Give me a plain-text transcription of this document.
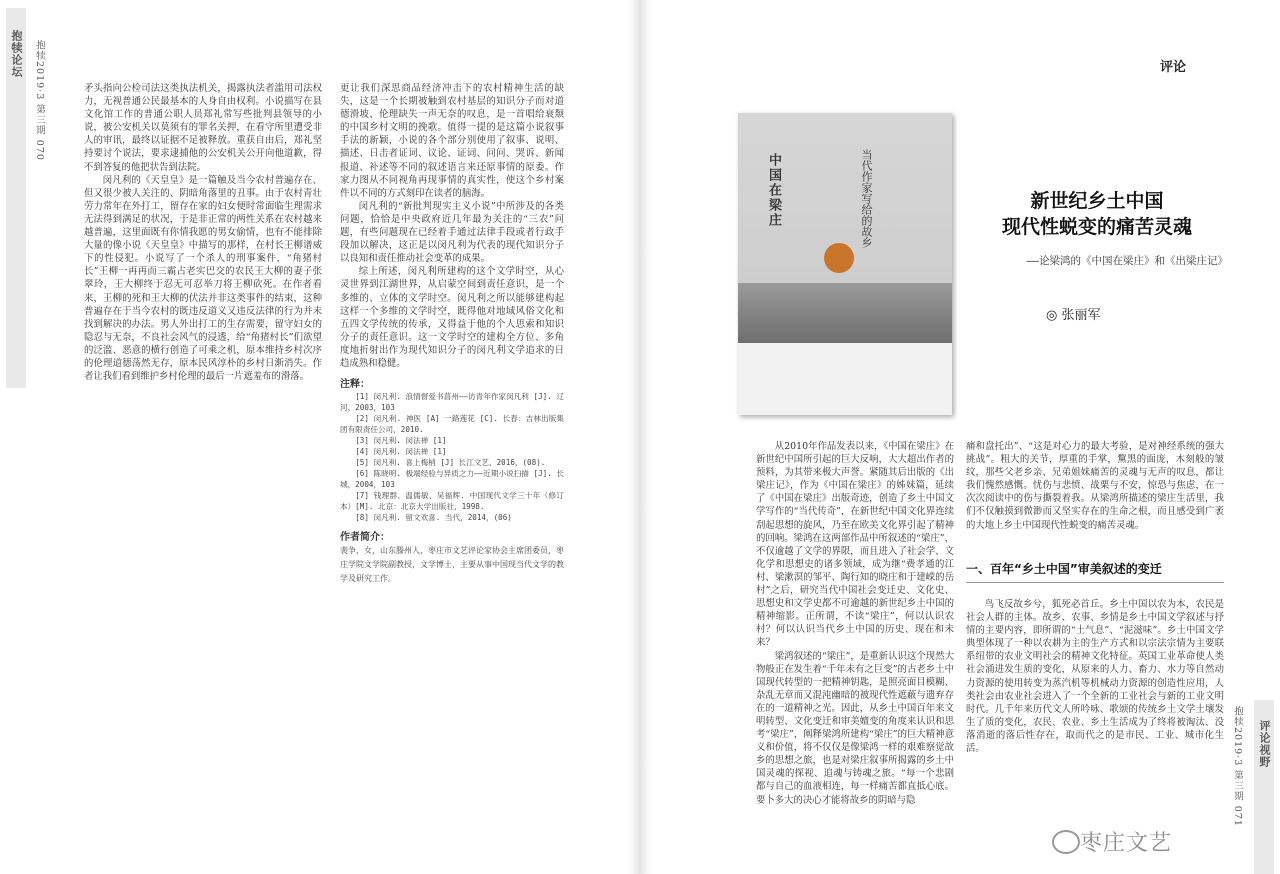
抱犊论坛 抱犊2019·3 第三期 070	矛头指向公检司法这类执法机关，揭露执法者滥用司法权力，无视普通公民最基本的人身自由权利。小说描写在县文化馆工作的普通公职人员郑礼常写些批判县领导的小说，被公安机关以莫须有的罪名关押，在看守所里遭受非人的审讯，最终以证据不足被释放。重获自由后，郑礼坚持要讨个说法，要求逮捕他的公安机关公开向他道歉，得不到答复的他把状告到法院。

闵凡利的《天皇皇》是一篇触及当今农村普遍存在、但又很少被人关注的、阴暗角落里的丑事。由于农村青壮劳力常年在外打工，留存在家的妇女便时常面临生理需求无法得到满足的状况，于是非正常的两性关系在农村越来越普遍，这里面既有你情我愿的男女偷情，也有不能排除大量的像小说《天皇皇》中描写的那样，在村长王柳谱威下的性侵犯。小说写了一个杀人的刑事案件，“角猪村长”王柳一再再而三霸占老实巴交的农民王大柳的妻子张翠玲，王大柳终于忍无可忍举刀将王柳砍死。在作者看来，王柳的死和王大柳的伏法并非这类事件的结束，这种普遍存在于当今农村的既违反道义又违反法律的行为并未找到解决的办法。男人外出打工的生存需要，留守妇女的隐忍与无奈，不良社会风气的浸透，给“角猪村长”们欲望的泛滥、恶意的横行创造了可乘之机，原本维持乡村次序的伦理道德荡然无存，原本民风淳朴的乡村日渐消失。作者让我们看到维护乡村伦理的最后一片遮羞布的滑落。

更让我们深思商品经济冲击下的农村精神生活的缺失，这是一个长期被触到农村基层的知识分子而对道德滑坡、伦理缺失一声无奈的叹息，是一首唱给衰颓的中国乡村文明的挽歌。值得一提的是这篇小说叙事手法的新颖，小说的各个部分别使用了叙事、说明、描述、日击者证词、议论、证词、问问、哭诉、新闻报道、补述等不同的叙述语言来还原事情的原委。作家力图从不同视角再现事情的真实性，使这个乡村案件以不同的方式刻印在读者的脑海。

闵凡利的“新批判现实主义小说”中所涉及的各类问题，恰恰是中央政府近几年最为关注的“三农”问题，有些问题现在已经着手通过法律手段或者行政手段加以解决，这正是以闵凡利为代表的现代知识分子以良知和责任推动社会变革的成果。

综上所述，闵凡利所建构的这个文学时空，从心灵世界到江湖世界，从启蒙空间到责任意识，是一个多维的、立体的文学时空。闵凡利之所以能够建构起这样一个多维的文学时空，既得他对地域风俗文化和五四文学传统的传承，又得益于他的个人思索和知识分子的责任意识。这一文学时空的建构全方位、多角度地折射出作为现代知识分子的闵凡利文学追求的日趋成熟和稳健。

注释：

[1] 闵凡利. 浪情督爱书菖州——访青年作家闵凡利 [J]. 辽河，2003，103

[2] 闵凡利. 神医 [A] 一路莲花 [C]. 长春：吉林出版集团有限责任公司，2010.

[3] 闵凡利. 闵法禅 [1]

[4] 闵凡利. 闵法禅 [1]

[5] 闵凡利. 喜上梅梢 [J] 长江文艺，2016，(08).

[6] 陈晓明. 极端经验与异质之力——近期小说扫描 [J]. 长城，2004，103

[7] 钱理群、温儒敏、吴福辉. 中国现代文学三十年（修订本）[M]. 北京：北京大学出版社，1998.

[8] 闵凡利. 留文欢喜. 当代，2014，(06)

作者简介：
裴争，女，山东滕州人，枣庄市文艺评论家协会主席团委员，枣庄学院文学院副教授，文学博士，主要从事中国现当代文学的教学及研究工作。
评论
中国在梁庄	当代作家写给的故乡	新世纪乡土中国
现代性蜕变的痛苦灵魂
——论梁鸿的《中国在梁庄》和《出梁庄记》
◎ 张丽军

从2010年作品发表以来，《中国在梁庄》在新世纪中国所引起的巨大反响，大大超出作者的预料，为其带来极大声誉。紧随其后出版的《出梁庄记》，作为《中国在梁庄》的姊妹篇，延续了《中国在梁庄》出版奇迹，创造了乡土中国文学写作的“当代传奇”，在新世纪中国文化界连续刮起思想的旋风，乃至在欧美文化界引起了精神的回响。梁鸿在这两部作品中所叙述的“梁庄”，不仅逾越了文学的界限，而且进入了社会学、文化学和思想史的诸多领域，成为继“费孝通的江村、梁漱溟的邹平、陶行知的晓庄和于建嵘的岳村”之后，研究当代中国社会变迁史、文化史、思想史和文学史都不可逾越的新世纪乡土中国的精神缩影。正所谓，不读“梁庄”，何以认识农村？何以认识当代乡土中国的历史、现在和未来？

梁鸿叙述的“梁庄”，是重新认识这个现然大物般正在发生着“千年未有之巨变”的古老乡土中国现代转型的一把精神钥匙，是照亮面目模糊、杂乱无章而又混沌幽暗的被现代性遮蔽与遗弃存在的一道精神之光。因此，从乡土中国百年来文明转型、文化变迁和审美嬗变的角度来认识和思考“梁庄”，阐释梁鸿所建构“梁庄”的巨大精神意义和价值，将不仅仅是像梁鸿一样的艰难察觉故乡的思想之旅，也是对梁庄叙事所揭露的乡土中国灵魂的探视、追魂与铸魂之旅。“每一个悲剧都与自己的血液相连，每一样痛苦都直抵心底。要卜多大的决心才能将故乡的阴暗与隐

痛和盘托出”、“这是对心力的最大考验，是对神经系统的强大挑战”。粗大的关节，厚重的手掌，黧黑的面庞，木刻般的皱纹，那些父老乡亲、兄弟姐妹痛苦的灵魂与无声的叹息，都让我们愧然感慨。忧伤与悲愤、战栗与不安，惊恐与焦虑，在一次次阅读中的伤与撕裂着我。从梁鸿所描述的梁庄生活里，我们不仅触摸到微渺而又坚实存在的生命之根，而且感受到广袤的大地上乡土中国现代性蜕变的痛苦灵魂。

一、百年“乡土中国”审美叙述的变迁

鸟飞反故乡兮，狐死必首丘。乡土中国以农为本，农民是社会人群的主体。故乡、农事、乡情是乡土中国文学叙述与抒情的主要内容，即所谓的“土气息”、“泥滋味”。乡土中国文学典型体现了一种以农耕为主的生产方式和以宗法宗情为主要联系纽带的农业文明社会的精神文化特征。英国工业革命使人类社会涌进发生质的变化，从原来的人力、畜力、水力等自然动力资源的使用转变为蒸汽机等机械动力资源的创造性应用，人类社会由农业社会进入了一个全新的工业社会与新的工业文明时代。几千年来历代文人所吟咏、歌颂的传统乡土文学土壤发生了质的变化，农民、农业、乡土生活成为了终将被淘汰、没落消逝的落后性存在，取而代之的是市民、工业、城市化生活。	评论视野
抱犊2019·3 第三期 071
枣庄文艺
